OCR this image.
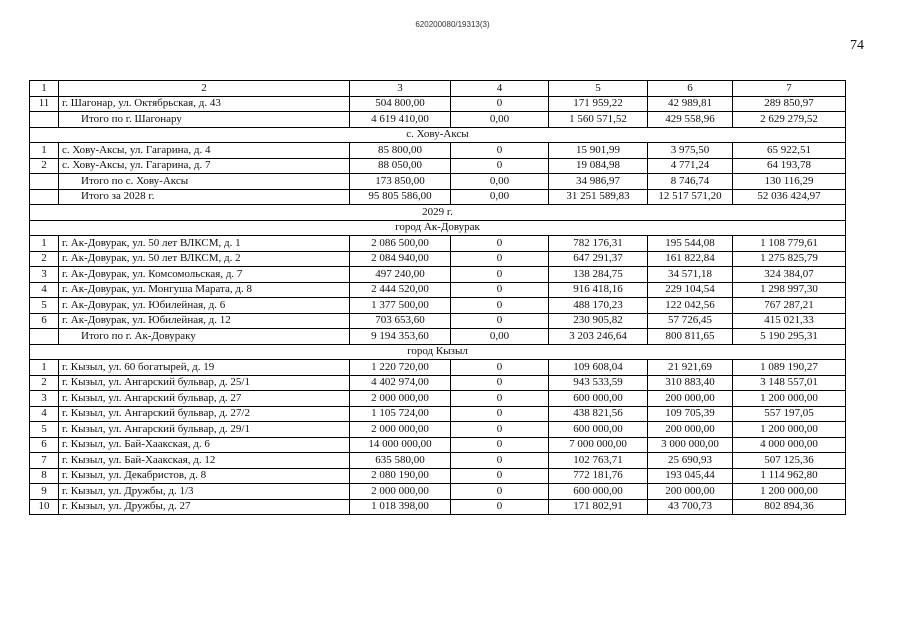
620200080/19313(3)
74
1	2	3	4	5	6	7
11	г. Шагонар, ул. Октябрьская, д. 43	504 800,00	0	171 959,22	42 989,81	289 850,97
	Итого по г. Шагонару	4 619 410,00	0,00	1 560 571,52	429 558,96	2 629 279,52
с. Хову-Аксы						
1	с. Хову-Аксы, ул. Гагарина, д. 4	85 800,00	0	15 901,99	3 975,50	65 922,51
2	с. Хову-Аксы, ул. Гагарина, д. 7	88 050,00	0	19 084,98	4 771,24	64 193,78
	Итого по с. Хову-Аксы	173 850,00	0,00	34 986,97	8 746,74	130 116,29
	Итого за 2028 г.	95 805 586,00	0,00	31 251 589,83	12 517 571,20	52 036 424,97
2029 г.						
город Ак-Довурак						
1	г. Ак-Довурак, ул. 50 лет ВЛКСМ, д. 1	2 086 500,00	0	782 176,31	195 544,08	1 108 779,61
2	г. Ак-Довурак, ул. 50 лет ВЛКСМ, д. 2	2 084 940,00	0	647 291,37	161 822,84	1 275 825,79
3	г. Ак-Довурак, ул. Комсомольская, д. 7	497 240,00	0	138 284,75	34 571,18	324 384,07
4	г. Ак-Довурак, ул. Монгуша Марата, д. 8	2 444 520,00	0	916 418,16	229 104,54	1 298 997,30
5	г. Ак-Довурак, ул. Юбилейная, д. 6	1 377 500,00	0	488 170,23	122 042,56	767 287,21
6	г. Ак-Довурак, ул. Юбилейная, д. 12	703 653,60	0	230 905,82	57 726,45	415 021,33
	Итого по г. Ак-Довураку	9 194 353,60	0,00	3 203 246,64	800 811,65	5 190 295,31
город Кызыл						
1	г. Кызыл, ул. 60 богатырей, д. 19	1 220 720,00	0	109 608,04	21 921,69	1 089 190,27
2	г. Кызыл, ул. Ангарский бульвар, д. 25/1	4 402 974,00	0	943 533,59	310 883,40	3 148 557,01
3	г. Кызыл, ул. Ангарский бульвар, д. 27	2 000 000,00	0	600 000,00	200 000,00	1 200 000,00
4	г. Кызыл, ул. Ангарский бульвар, д. 27/2	1 105 724,00	0	438 821,56	109 705,39	557 197,05
5	г. Кызыл, ул. Ангарский бульвар, д. 29/1	2 000 000,00	0	600 000,00	200 000,00	1 200 000,00
6	г. Кызыл, ул. Бай-Хаакская, д. 6	14 000 000,00	0	7 000 000,00	3 000 000,00	4 000 000,00
7	г. Кызыл, ул. Бай-Хаакская, д. 12	635 580,00	0	102 763,71	25 690,93	507 125,36
8	г. Кызыл, ул. Декабристов, д. 8	2 080 190,00	0	772 181,76	193 045,44	1 114 962,80
9	г. Кызыл, ул. Дружбы, д. 1/3	2 000 000,00	0	600 000,00	200 000,00	1 200 000,00
10	г. Кызыл, ул. Дружбы, д. 27	1 018 398,00	0	171 802,91	43 700,73	802 894,36
